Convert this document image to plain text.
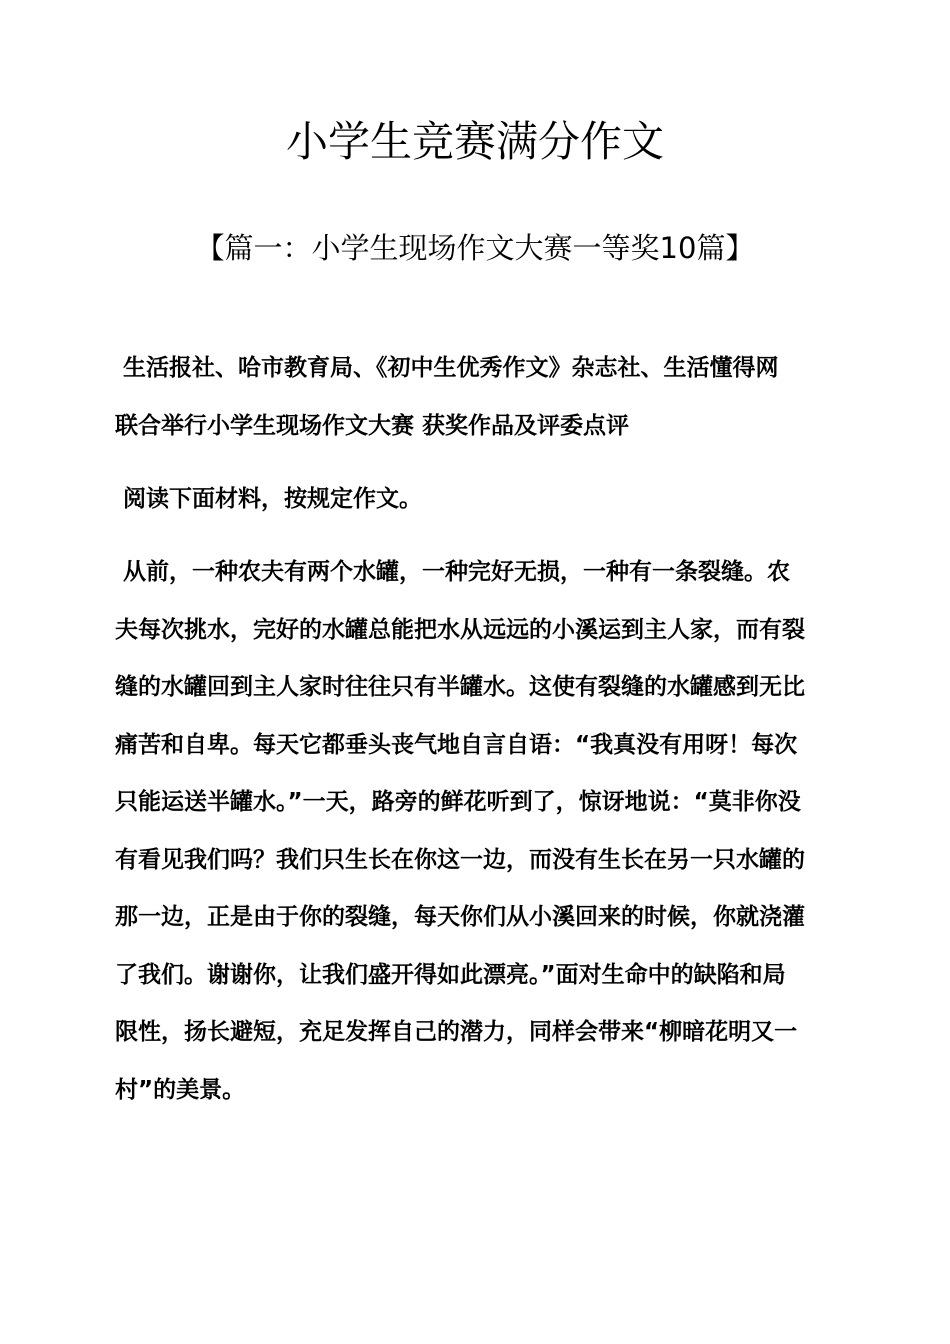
小学生竞赛满分作文
【篇一：小学生现场作文大赛一等奖10篇】
生活报社、哈市教育局、《初中生优秀作文》杂志社、生活懂得网
联合举行小学生现场作文大赛 获奖作品及评委点评
阅读下面材料，按规定作文。
从前，一种农夫有两个水罐，一种完好无损，一种有一条裂缝。农
夫每次挑水，完好的水罐总能把水从远远的小溪运到主人家，而有裂
缝的水罐回到主人家时往往只有半罐水。这使有裂缝的水罐感到无比
痛苦和自卑。每天它都垂头丧气地自言自语：“我真没有用呀！每次
只能运送半罐水。”一天，路旁的鲜花听到了，惊讶地说：“莫非你没
有看见我们吗？我们只生长在你这一边，而没有生长在另一只水罐的
那一边，正是由于你的裂缝，每天你们从小溪回来的时候，你就浇灌
了我们。谢谢你，让我们盛开得如此漂亮。”面对生命中的缺陷和局
限性，扬长避短，充足发挥自己的潜力，同样会带来“柳暗花明又一
村”的美景。
